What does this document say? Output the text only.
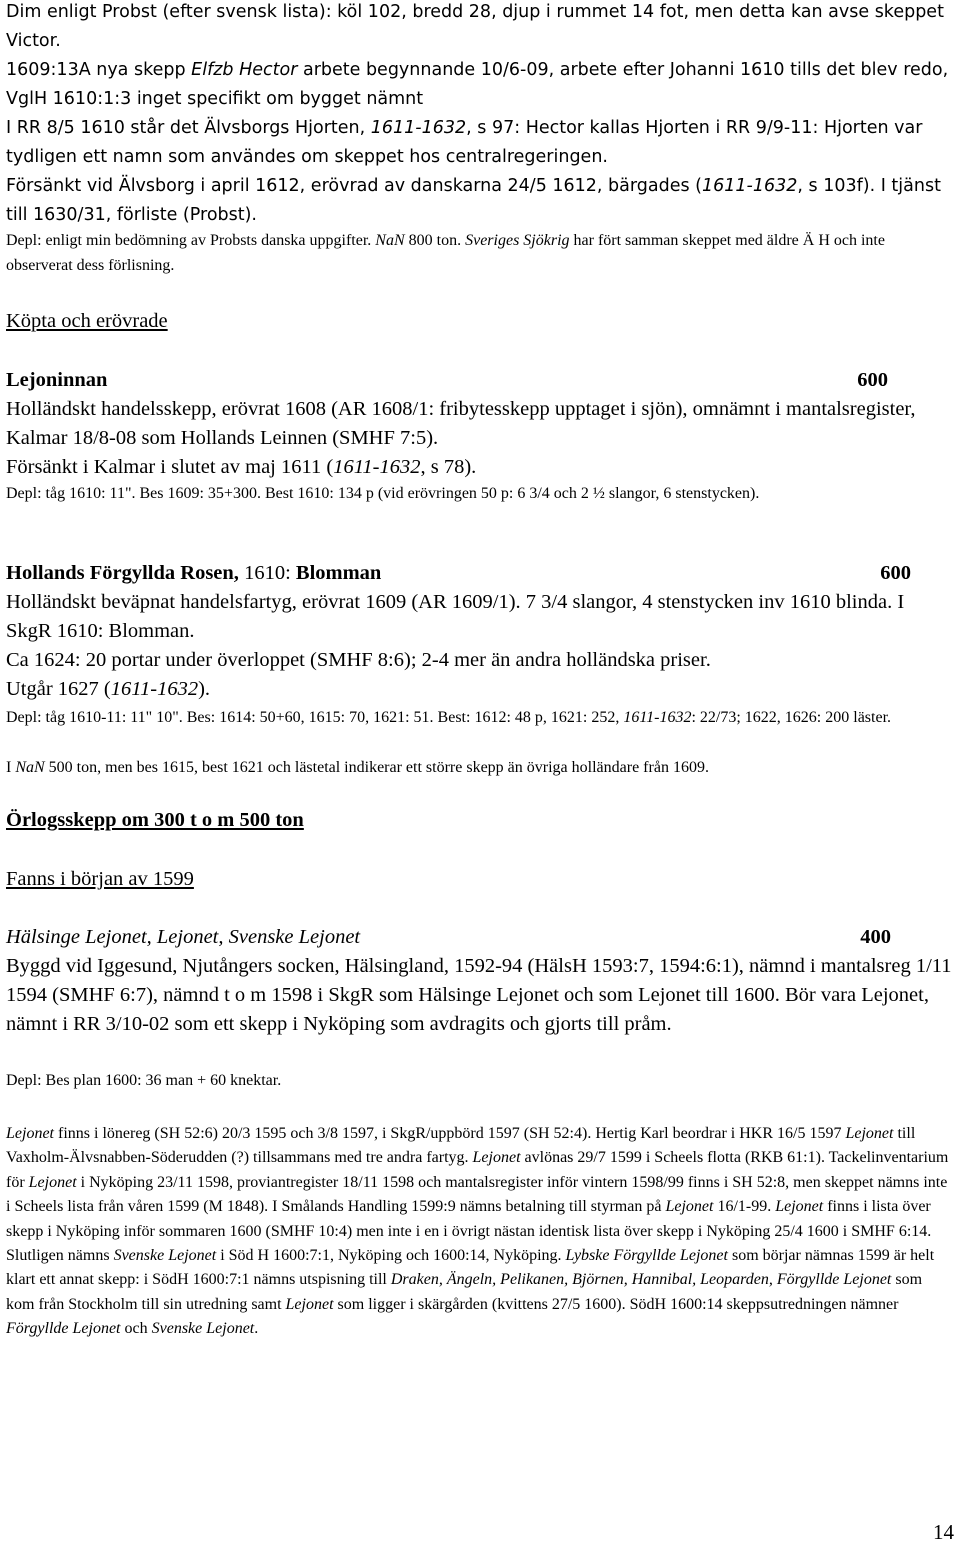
Dim enligt Probst (efter svensk lista): köl 102, bredd 28, djup i rummet 14 fot, men detta kan avse skeppet Victor.
1609:13A nya skepp Elfzb Hector arbete begynnande 10/6-09, arbete efter Johanni 1610 tills det blev redo, VglH 1610:1:3 inget specifikt om bygget nämnt
I RR 8/5 1610 står det Älvsborgs Hjorten, 1611-1632, s 97: Hector kallas Hjorten i RR 9/9-11: Hjorten var tydligen ett namn som användes om skeppet hos centralregeringen.
Försänkt vid Älvsborg i april 1612, erövrad av danskarna 24/5 1612, bärgades (1611-1632, s 103f). I tjänst till 1630/31, förliste (Probst).
Depl: enligt min bedömning av Probsts danska uppgifter. NaN 800 ton. Sveriges Sjökrig har fört samman skeppet med äldre Ä H och inte observerat dess förlisning.
Köpta och erövrade
Lejoninnan	600
Holländskt handelsskepp, erövrat 1608 (AR 1608/1: fribytesskepp upptaget i sjön), omnämnt i mantalsregister, Kalmar 18/8-08 som Hollands Leinnen (SMHF 7:5).
Försänkt i Kalmar i slutet av maj 1611 (1611-1632, s 78).
Depl: tåg 1610: 11". Bes 1609: 35+300. Best 1610: 134 p (vid erövringen 50 p: 6 3/4 och 2 ½ slangor, 6 stenstycken).
Hollands Förgyllda Rosen, 1610: Blomman	600
Holländskt beväpnat handelsfartyg, erövrat 1609 (AR 1609/1). 7 3/4 slangor, 4 stenstycken inv 1610 blinda. I SkgR 1610: Blomman.
Ca 1624: 20 portar under överloppet (SMHF 8:6); 2-4 mer än andra holländska priser.
Utgår 1627 (1611-1632).
Depl: tåg 1610-11: 11" 10". Bes: 1614: 50+60, 1615: 70, 1621: 51. Best: 1612: 48 p, 1621: 252, 1611-1632: 22/73; 1622, 1626: 200 läster.
I NaN 500 ton, men bes 1615, best 1621 och lästetal indikerar ett större skepp än övriga holländare från 1609.
Örlogsskepp om 300 t o m 500 ton
Fanns i början av 1599
Hälsinge Lejonet, Lejonet, Svenske Lejonet	400
Byggd vid Iggesund, Njutångers socken, Hälsingland, 1592-94 (HälsH 1593:7, 1594:6:1), nämnd i mantalsreg 1/11 1594 (SMHF 6:7), nämnd t o m 1598 i SkgR som Hälsinge Lejonet och som Lejonet till 1600. Bör vara Lejonet, nämnt i RR 3/10-02 som ett skepp i Nyköping som avdragits och gjorts till pråm.
Depl: Bes plan 1600: 36 man + 60 knektar.
Lejonet finns i lönereg (SH 52:6) 20/3 1595 och 3/8 1597, i SkgR/uppbörd 1597 (SH 52:4). Hertig Karl beordrar i HKR 16/5 1597 Lejonet till Vaxholm-Älvsnabben-Söderudden (?) tillsammans med tre andra fartyg. Lejonet avlönas 29/7 1599 i Scheels flotta (RKB 61:1). Tackelinventarium för Lejonet i Nyköping 23/11 1598, proviantregister 18/11 1598 och mantalsregister inför vintern 1598/99 finns i SH 52:8, men skeppet nämns inte i Scheels lista från våren 1599 (M 1848). I Smålands Handling 1599:9 nämns betalning till styrman på Lejonet 16/1-99. Lejonet finns i lista över skepp i Nyköping inför sommaren 1600 (SMHF 10:4) men inte i en i övrigt nästan identisk lista över skepp i Nyköping 25/4 1600 i SMHF 6:14. Slutligen nämns Svenske Lejonet i Söd H 1600:7:1, Nyköping och 1600:14, Nyköping. Lybske Förgyllde Lejonet som börjar nämnas 1599 är helt klart ett annat skepp: i SödH 1600:7:1 nämns utspisning till Draken, Ängeln, Pelikanen, Björnen, Hannibal, Leoparden, Förgyllde Lejonet som kom från Stockholm till sin utredning samt Lejonet som ligger i skärgården (kvittens 27/5 1600). SödH 1600:14 skeppsutredningen nämner Förgyllde Lejonet och Svenske Lejonet.
14
